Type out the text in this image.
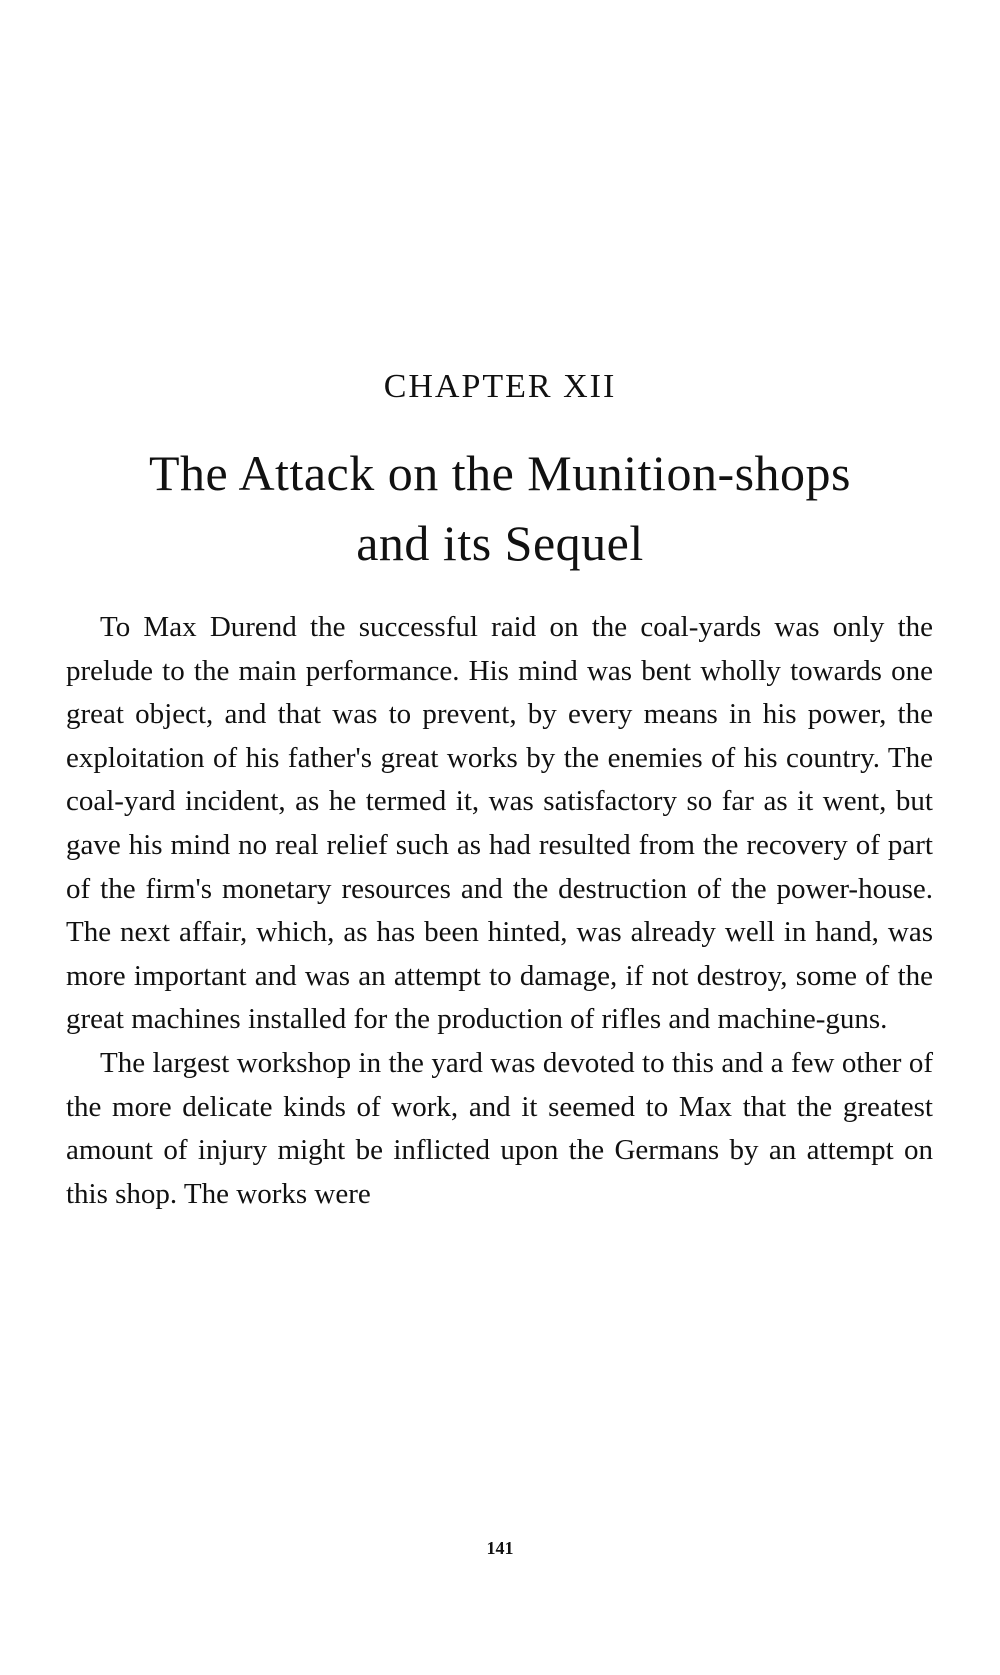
CHAPTER XII
The Attack on the Munition-shops
and its Sequel

To Max Durend the successful raid on the coal-yards was only the prelude to the main performance. His mind was bent wholly towards one great object, and that was to prevent, by every means in his power, the exploitation of his father's great works by the enemies of his country. The coal-yard incident, as he termed it, was satisfactory so far as it went, but gave his mind no real relief such as had resulted from the recovery of part of the firm's monetary resources and the destruction of the power-house. The next affair, which, as has been hinted, was already well in hand, was more important and was an attempt to damage, if not destroy, some of the great machines installed for the production of rifles and machine-guns.

The largest workshop in the yard was devoted to this and a few other of the more delicate kinds of work, and it seemed to Max that the greatest amount of injury might be inflicted upon the Germans by an attempt on this shop. The works were

141
